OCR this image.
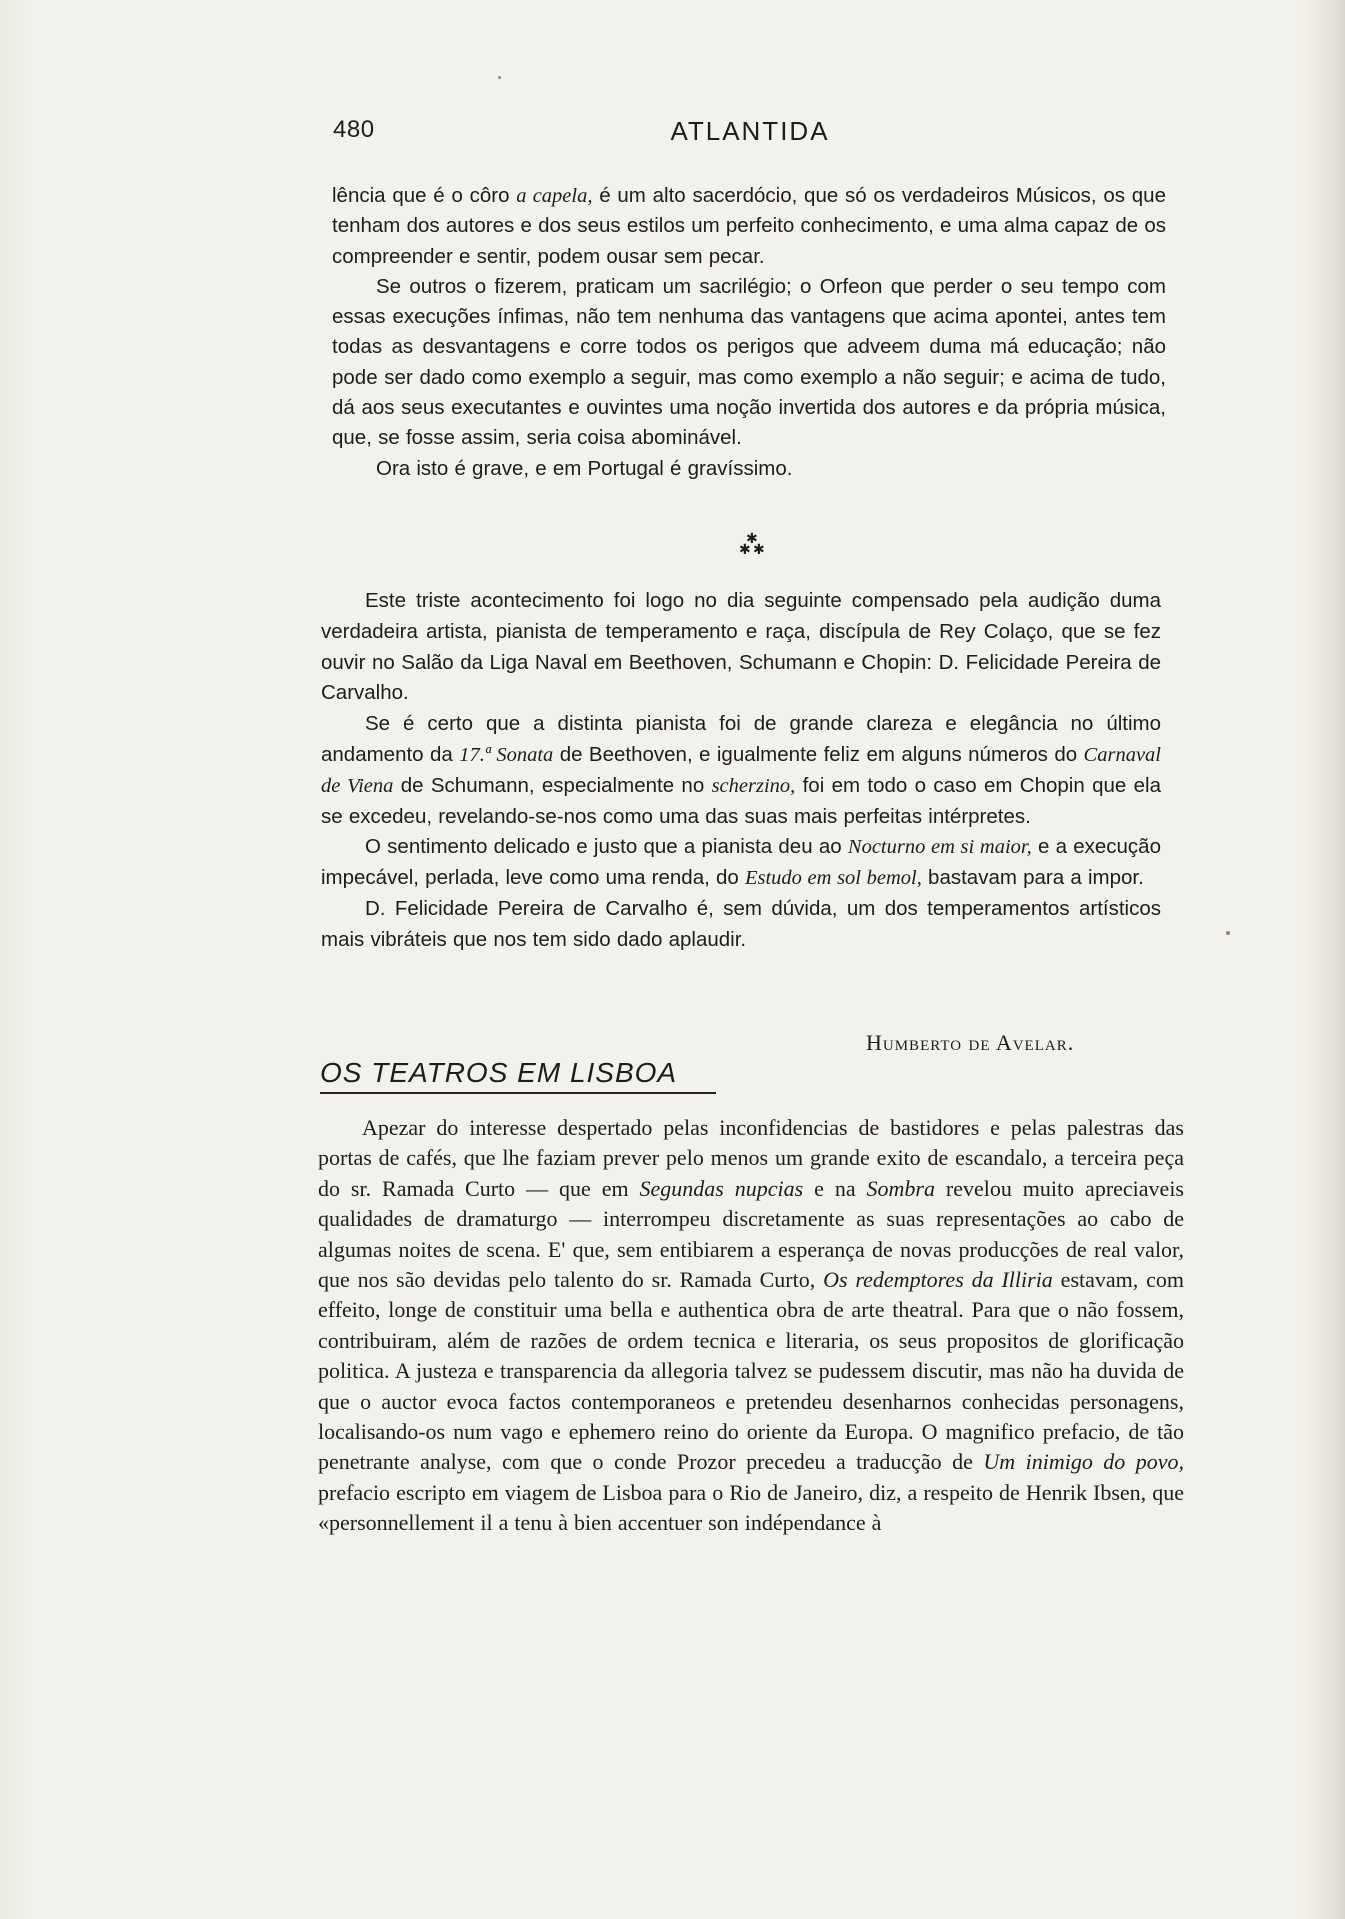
480	ATLANTIDA

lência que é o côro a capela, é um alto sacerdócio, que só os verdadeiros Músicos, os que tenham dos autores e dos seus estilos um perfeito conhecimento, e uma alma capaz de os compreender e sentir, podem ousar sem pecar.

Se outros o fizerem, praticam um sacrilégio; o Orfeon que perder o seu tempo com essas execuções ínfimas, não tem nenhuma das vantagens que acima apontei, antes tem todas as desvantagens e corre todos os perigos que adveem duma má educação; não pode ser dado como exemplo a seguir, mas como exemplo a não seguir; e acima de tudo, dá aos seus executantes e ouvintes uma noção invertida dos autores e da própria música, que, se fosse assim, seria coisa abominável.

Ora isto é grave, e em Portugal é gravíssimo.

✱
✱ ✱

Este triste acontecimento foi logo no dia seguinte compensado pela audição duma verdadeira artista, pianista de temperamento e raça, discípula de Rey Colaço, que se fez ouvir no Salão da Liga Naval em Beethoven, Schumann e Chopin: D. Felicidade Pereira de Carvalho.

Se é certo que a distinta pianista foi de grande clareza e elegância no último andamento da 17.ª Sonata de Beethoven, e igualmente feliz em alguns números do Carnaval de Viena de Schumann, especialmente no scherzino, foi em todo o caso em Chopin que ela se excedeu, revelando-se-nos como uma das suas mais perfeitas intérpretes.

O sentimento delicado e justo que a pianista deu ao Nocturno em si maior, e a execução impecável, perlada, leve como uma renda, do Estudo em sol bemol, bastavam para a impor.

D. Felicidade Pereira de Carvalho é, sem dúvida, um dos temperamentos artísticos mais vibráteis que nos tem sido dado aplaudir.

Humberto de Avelar.
OS TEATROS EM LISBOA

Apezar do interesse despertado pelas inconfidencias de bastidores e pelas palestras das portas de cafés, que lhe faziam prever pelo menos um grande exito de escandalo, a terceira peça do sr. Ramada Curto — que em Segundas nupcias e na Sombra revelou muito apreciaveis qualidades de dramaturgo — interrompeu discretamente as suas representações ao cabo de algumas noites de scena. E' que, sem entibiarem a esperança de novas producções de real valor, que nos são devidas pelo talento do sr. Ramada Curto, Os redemptores da Illiria estavam, com effeito, longe de constituir uma bella e authentica obra de arte theatral. Para que o não fossem, contribuiram, além de razões de ordem tecnica e literaria, os seus propositos de glorificação politica. A justeza e transparencia da allegoria talvez se pudessem discutir, mas não ha duvida de que o auctor evoca factos contemporaneos e pretendeu desenharnos conhecidas personagens, localisando-os num vago e ephemero reino do oriente da Europa. O magnifico prefacio, de tão penetrante analyse, com que o conde Prozor precedeu a traducção de Um inimigo do povo, prefacio escripto em viagem de Lisboa para o Rio de Janeiro, diz, a respeito de Henrik Ibsen, que «personnellement il a tenu à bien accentuer son indépendance à
